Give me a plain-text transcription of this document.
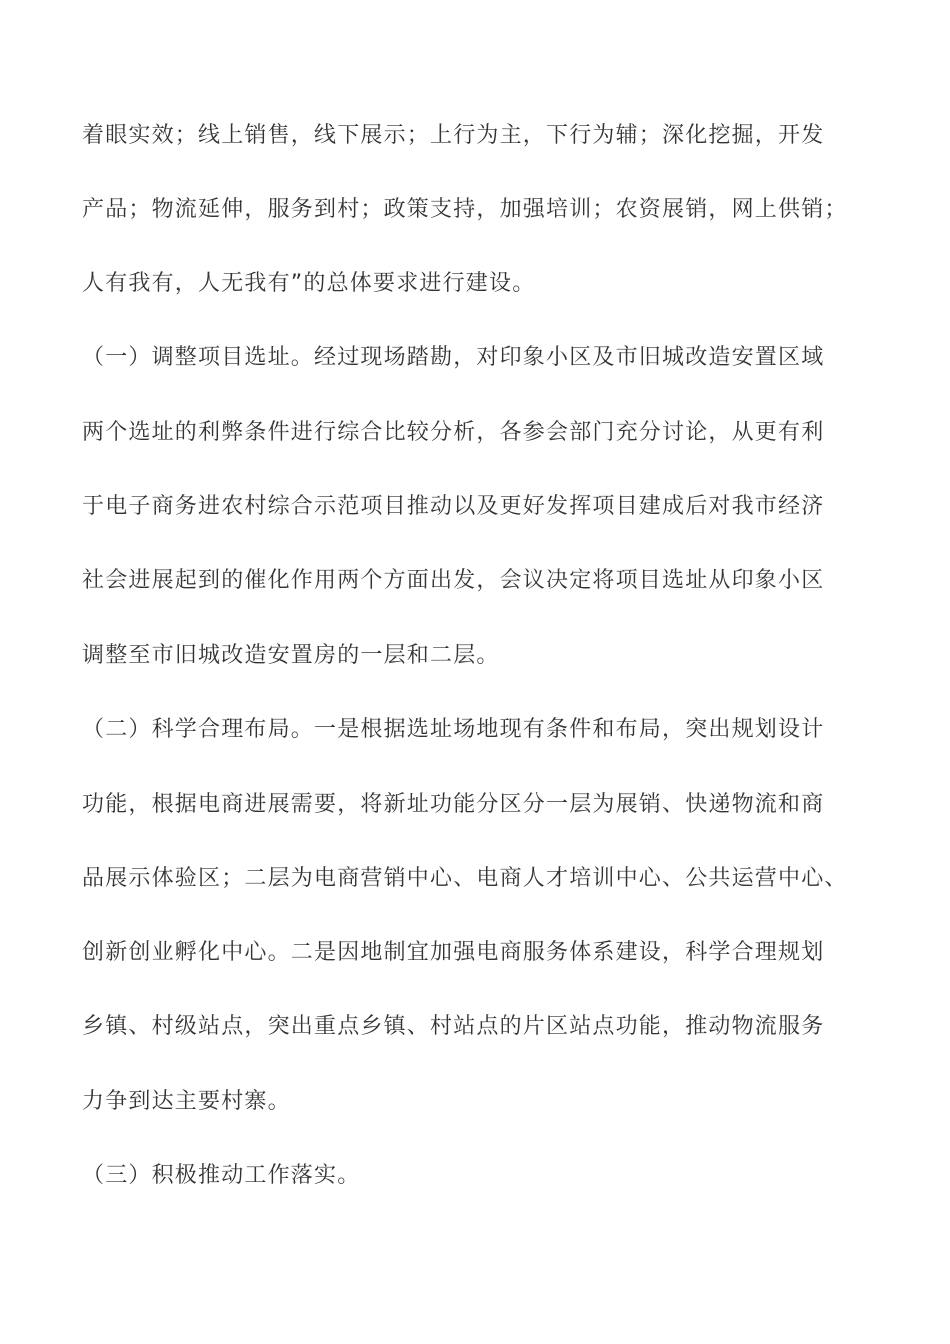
着眼实效；线上销售，线下展示；上行为主，下行为辅；深化挖掘，开发
产品；物流延伸，服务到村；政策支持，加强培训；农资展销，网上供销；
人有我有，人无我有”的总体要求进行建设。
（一）调整项目选址。经过现场踏勘，对印象小区及市旧城改造安置区域
两个选址的利弊条件进行综合比较分析，各参会部门充分讨论，从更有利
于电子商务进农村综合示范项目推动以及更好发挥项目建成后对我市经济
社会进展起到的催化作用两个方面出发，会议决定将项目选址从印象小区
调整至市旧城改造安置房的一层和二层。
（二）科学合理布局。一是根据选址场地现有条件和布局，突出规划设计
功能，根据电商进展需要，将新址功能分区分一层为展销、快递物流和商
品展示体验区；二层为电商营销中心、电商人才培训中心、公共运营中心、
创新创业孵化中心。二是因地制宜加强电商服务体系建设，科学合理规划
乡镇、村级站点，突出重点乡镇、村站点的片区站点功能，推动物流服务
力争到达主要村寨。
（三）积极推动工作落实。
